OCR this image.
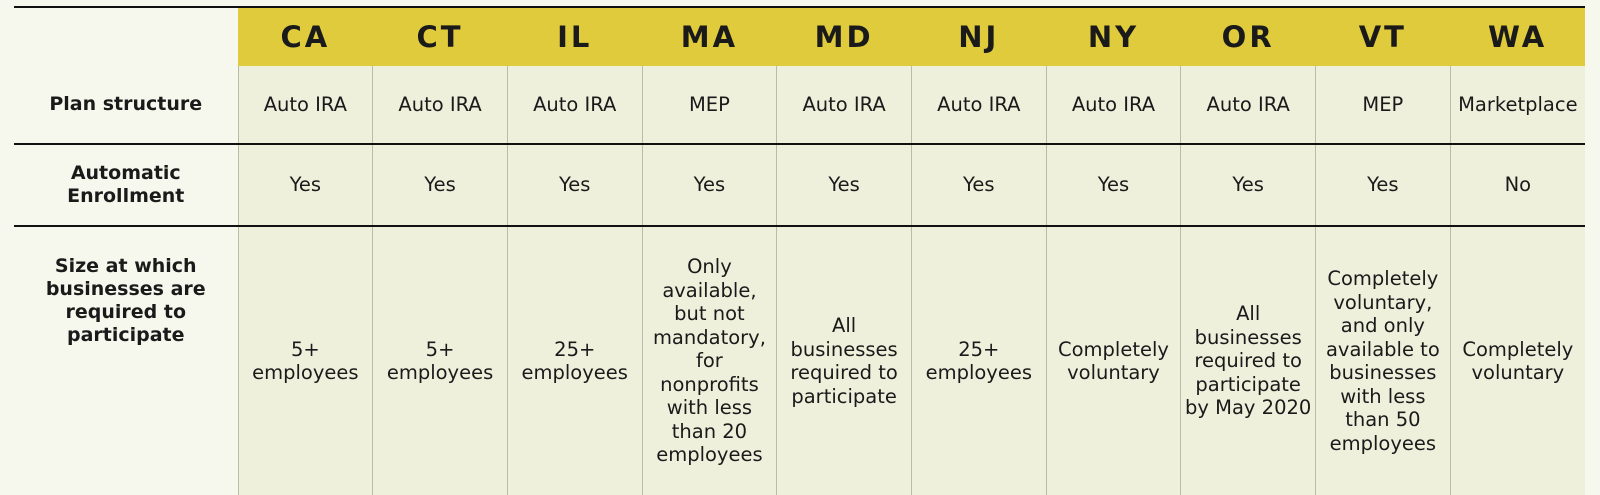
	CA	CT	IL	MA	MD	NJ	NY	OR	VT	WA
Plan structure	Auto IRA	Auto IRA	Auto IRA	MEP	Auto IRA	Auto IRA	Auto IRA	Auto IRA	MEP	Marketplace
Automatic Enrollment	Yes	Yes	Yes	Yes	Yes	Yes	Yes	Yes	Yes	No
Size at which businesses are required to participate	5+ employees	5+ employees	25+ employees	Only available, but not mandatory, for nonprofits with less than 20 employees	All businesses required to participate	25+ employees	Completely voluntary	All businesses required to participate by May 2020	Completely voluntary, and only available to businesses with less than 50 employees	Completely voluntary
